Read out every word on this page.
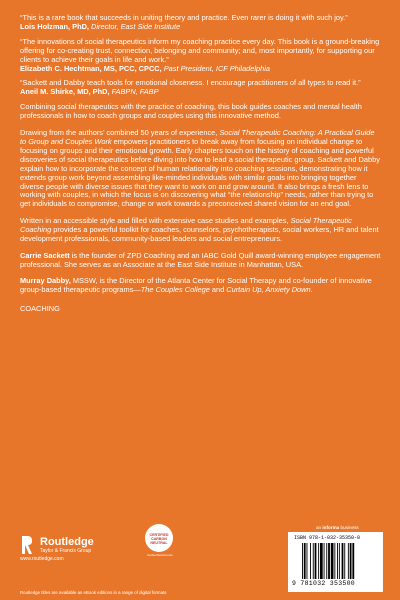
“This is a rare book that succeeds in uniting theory and practice. Even rarer is doing it with such joy.”
Lois Holzman, PhD, Director, East Side Institute
“The innovations of social therapeutics inform my coaching practice every day. This book is a ground-breaking offering for co-creating trust, connection, belonging and community; and, most importantly, for supporting our clients to achieve their goals in life and work.”
Elizabeth C. Hechtman, MS, PCC, CPCC, Past President, ICF Philadelphia
“Sackett and Dabby teach tools for emotional closeness. I encourage practitioners of all types to read it.”
Aneil M. Shirke, MD, PhD, FABPN, FABP

Combining social therapeutics with the practice of coaching, this book guides coaches and mental health professionals in how to coach groups and couples using this innovative method.

Drawing from the authors’ combined 50 years of experience, Social Therapeutic Coaching: A Practical Guide to Group and Couples Work empowers practitioners to break away from focusing on individual change to focusing on groups and their emotional growth. Early chapters touch on the history of coaching and powerful discoveries of social therapeutics before diving into how to lead a social therapeutic group. Sackett and Dabby explain how to incorporate the concept of human relationality into coaching sessions, demonstrating how it extends group work beyond assembling like-minded individuals with similar goals into bringing together diverse people with diverse issues that they want to work on and grow around. It also brings a fresh lens to working with couples, in which the focus is on discovering what “the relationship” needs, rather than trying to get individuals to compromise, change or work towards a preconceived shared vision for an end goal.

Written in an accessible style and filled with extensive case studies and examples, Social Therapeutic Coaching provides a powerful toolkit for coaches, counselors, psychotherapists, social workers, HR and talent development professionals, community-based leaders and social entrepreneurs.

Carrie Sackett is the founder of ZPD Coaching and an IABC Gold Quill award-winning employee engagement professional. She serves as an Associate at the East Side Institute in Manhattan, USA.

Murray Dabby, MSSW, is the Director of the Atlanta Center for Social Therapy and co-founder of innovative group-based therapeutic programs—The Couples College and Curtain Up, Anxiety Down.

COACHING
Routledge
Taylor & Francis Group
www.routledge.com
CERTIFIED CARBON NEUTRAL
CarbonNeutral.com
an informa business
ISBN 978-1-032-35350-0
9 781032 353500
Routledge titles are available as eBook editions in a range of digital formats
